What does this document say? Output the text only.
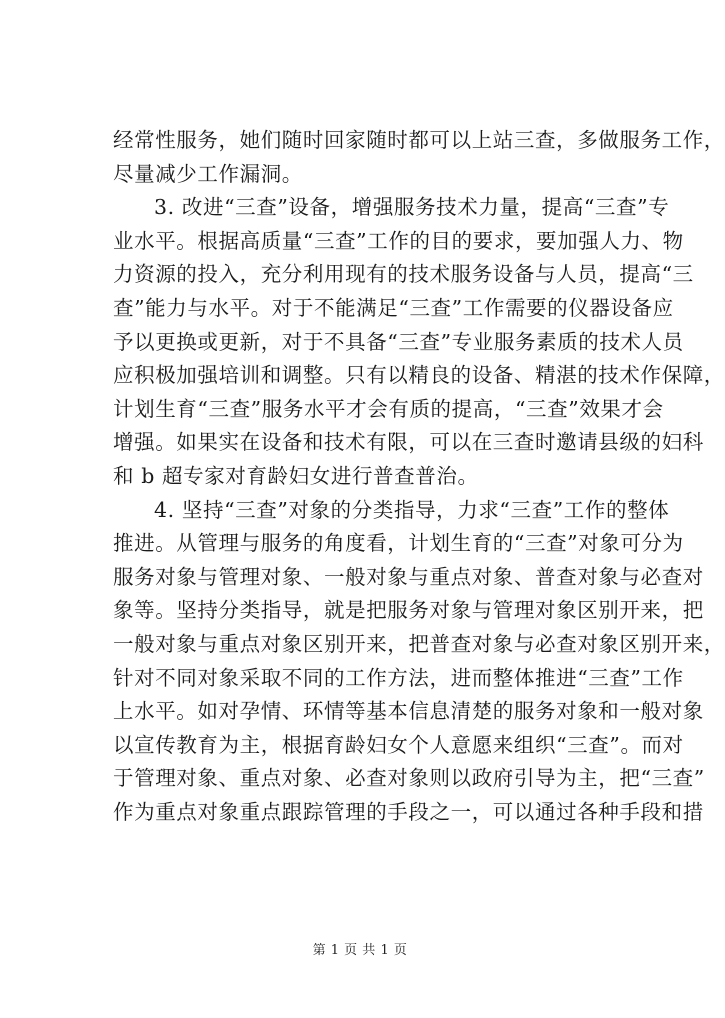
经常性服务，她们随时回家随时都可以上站三查，多做服务工作，
尽量减少工作漏洞。
3. 改进“三查”设备，增强服务技术力量，提高“三查”专
业水平。根据高质量“三查”工作的目的要求，要加强人力、物
力资源的投入，充分利用现有的技术服务设备与人员，提高“三
查”能力与水平。对于不能满足“三查”工作需要的仪器设备应
予以更换或更新，对于不具备“三查”专业服务素质的技术人员
应积极加强培训和调整。只有以精良的设备、精湛的技术作保障，
计划生育“三查”服务水平才会有质的提高，“三查”效果才会
增强。如果实在设备和技术有限，可以在三查时邀请县级的妇科
和 b 超专家对育龄妇女进行普查普治。
4. 坚持“三查”对象的分类指导，力求“三查”工作的整体
推进。从管理与服务的角度看，计划生育的“三查”对象可分为
服务对象与管理对象、一般对象与重点对象、普查对象与必查对
象等。坚持分类指导，就是把服务对象与管理对象区别开来，把
一般对象与重点对象区别开来，把普查对象与必查对象区别开来，
针对不同对象采取不同的工作方法，进而整体推进“三查”工作
上水平。如对孕情、环情等基本信息清楚的服务对象和一般对象
以宣传教育为主，根据育龄妇女个人意愿来组织“三查”。而对
于管理对象、重点对象、必查对象则以政府引导为主，把“三查”
作为重点对象重点跟踪管理的手段之一，可以通过各种手段和措
第 1 页 共 1 页
